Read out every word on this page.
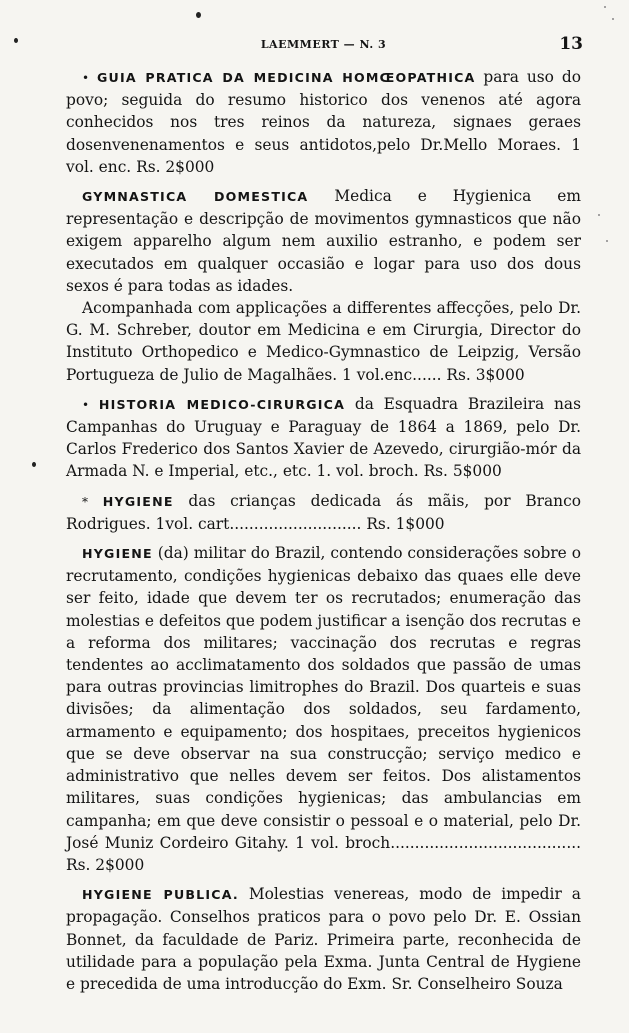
LAEMMERT — N. 3	13

• GUIA PRATICA DA MEDICINA HOMŒOPATHICA para uso do povo; seguida do resumo historico dos venenos até agora conhecidos nos tres reinos da natureza, signaes geraes dosenvenenamentos e seus antidotos,pelo Dr.Mello Moraes. 1 vol. enc. Rs. 2$000

GYMNASTICA DOMESTICA Medica e Hygienica em representação e descripção de movimentos gymnasticos que não exigem apparelho algum nem auxilio estranho, e podem ser executados em qualquer occasião e logar para uso dos dous sexos é para todas as idades.

Acompanhada com applicações a differentes affecções, pelo Dr. G. M. Schreber, doutor em Medicina e em Cirurgia, Director do Instituto Orthopedico e Medico-Gymnastico de Leipzig, Versão Portugueza de Julio de Magalhães. 1 vol.enc...... Rs. 3$000

• HISTORIA MEDICO-CIRURGICA da Esquadra Brazileira nas Campanhas do Uruguay e Paraguay de 1864 a 1869, pelo Dr. Carlos Frederico dos Santos Xavier de Azevedo, cirurgião-mór da Armada N. e Imperial, etc., etc. 1. vol. broch. Rs. 5$000

* HYGIENE das crianças dedicada ás mãis, por Branco Rodrigues. 1vol. cart........................... Rs. 1$000

HYGIENE (da) militar do Brazil, contendo considerações sobre o recrutamento, condições hygienicas debaixo das quaes elle deve ser feito, idade que devem ter os recrutados; enumeração das molestias e defeitos que podem justificar a isenção dos recrutas e a reforma dos militares; vaccinação dos recrutas e regras tendentes ao acclimatamento dos soldados que passão de umas para outras provincias limitrophes do Brazil. Dos quarteis e suas divisões; da alimentação dos soldados, seu fardamento, armamento e equipamento; dos hospitaes, preceitos hygienicos que se deve observar na sua construcção; serviço medico e administrativo que nelles devem ser feitos. Dos alistamentos militares, suas condições hygienicas; das ambulancias em campanha; em que deve consistir o pessoal e o material, pelo Dr. José Muniz Cordeiro Gitahy. 1 vol. broch....................................... Rs. 2$000

HYGIENE PUBLICA. Molestias venereas, modo de impedir a propagação. Conselhos praticos para o povo pelo Dr. E. Ossian Bonnet, da faculdade de Pariz. Primeira parte, reconhecida de utilidade para a população pela Exma. Junta Central de Hygiene e precedida de uma introducção do Exm. Sr. Conselheiro Souza
